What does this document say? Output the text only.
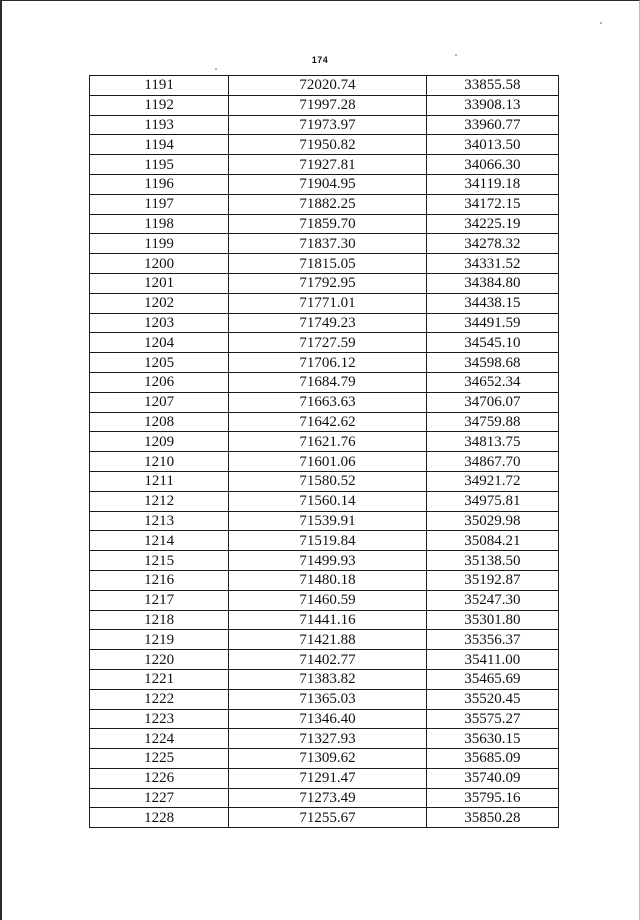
174
1191	72020.74	33855.58
1192	71997.28	33908.13
1193	71973.97	33960.77
1194	71950.82	34013.50
1195	71927.81	34066.30
1196	71904.95	34119.18
1197	71882.25	34172.15
1198	71859.70	34225.19
1199	71837.30	34278.32
1200	71815.05	34331.52
1201	71792.95	34384.80
1202	71771.01	34438.15
1203	71749.23	34491.59
1204	71727.59	34545.10
1205	71706.12	34598.68
1206	71684.79	34652.34
1207	71663.63	34706.07
1208	71642.62	34759.88
1209	71621.76	34813.75
1210	71601.06	34867.70
1211	71580.52	34921.72
1212	71560.14	34975.81
1213	71539.91	35029.98
1214	71519.84	35084.21
1215	71499.93	35138.50
1216	71480.18	35192.87
1217	71460.59	35247.30
1218	71441.16	35301.80
1219	71421.88	35356.37
1220	71402.77	35411.00
1221	71383.82	35465.69
1222	71365.03	35520.45
1223	71346.40	35575.27
1224	71327.93	35630.15
1225	71309.62	35685.09
1226	71291.47	35740.09
1227	71273.49	35795.16
1228	71255.67	35850.28
